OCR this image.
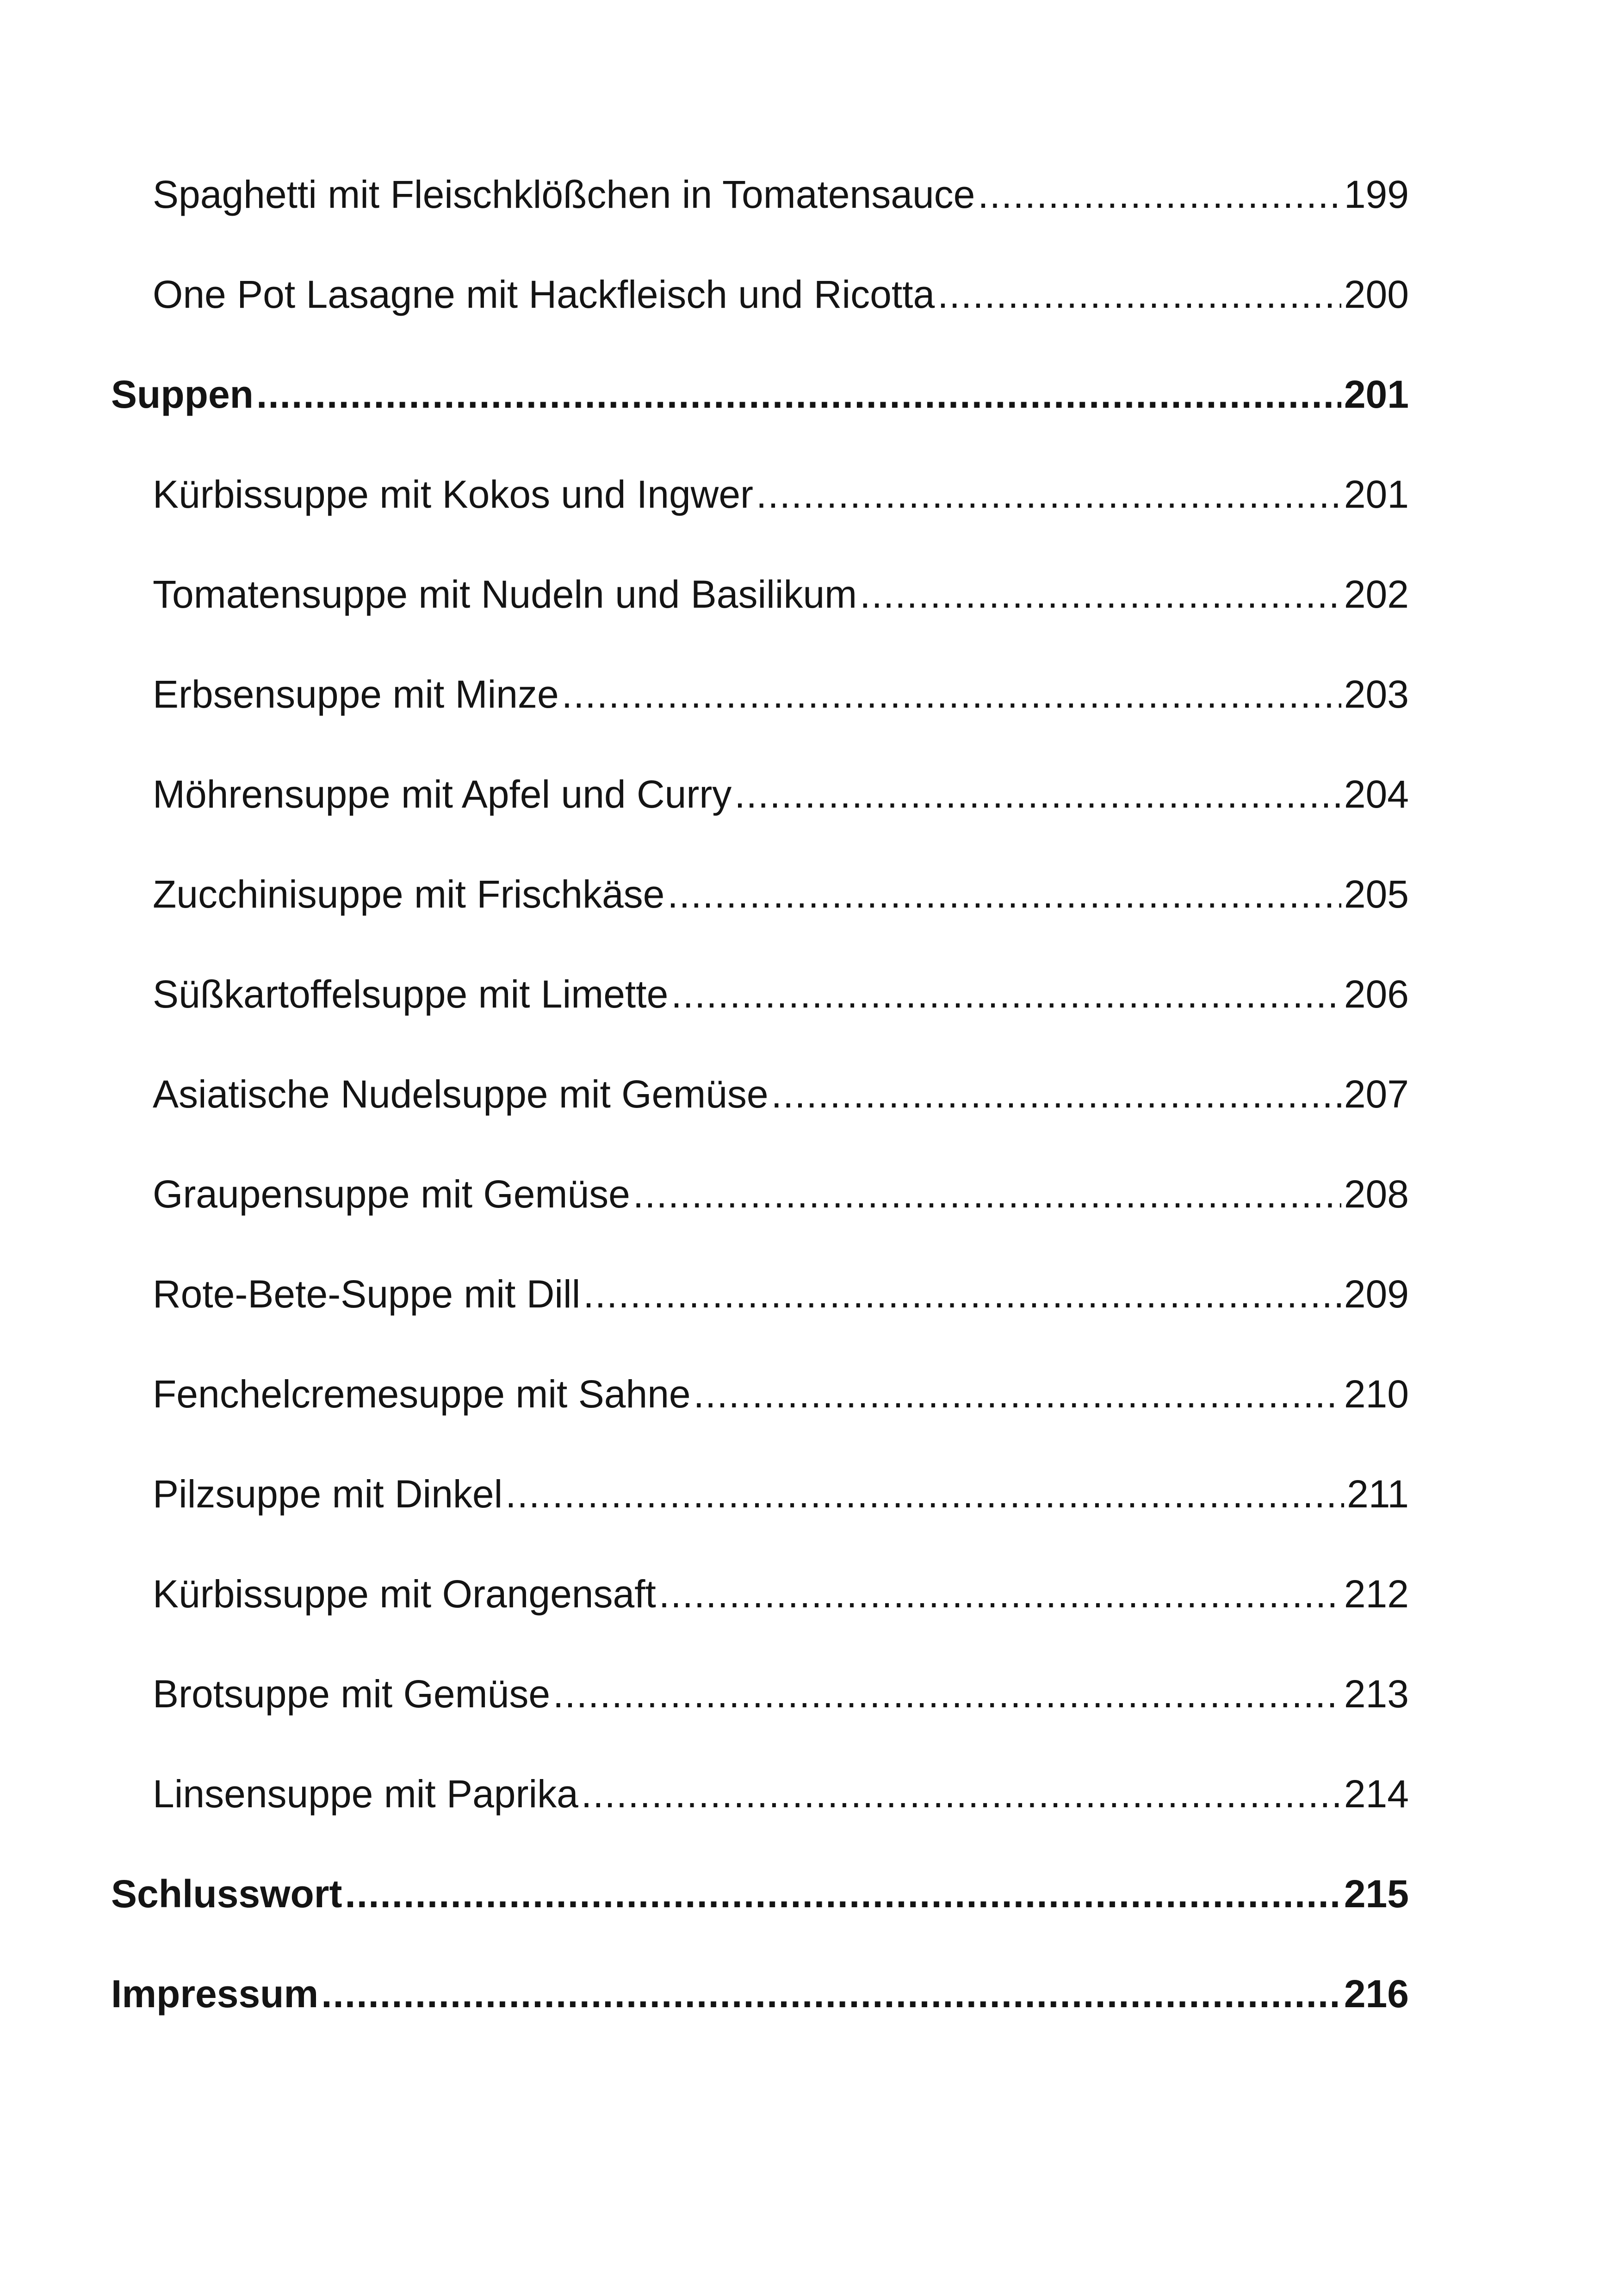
Spaghetti mit Fleischklößchen in Tomatensauce .....	199
One Pot Lasagne mit Hackfleisch und Ricotta .....	200
Suppen .....	201
Kürbissuppe mit Kokos und Ingwer .....	201
Tomatensuppe mit Nudeln und Basilikum .....	202
Erbsensuppe mit Minze .....	203
Möhrensuppe mit Apfel und Curry .....	204
Zucchinisuppe mit Frischkäse .....	205
Süßkartoffelsuppe mit Limette .....	206
Asiatische Nudelsuppe mit Gemüse .....	207
Graupensuppe mit Gemüse .....	208
Rote-Bete-Suppe mit Dill .....	209
Fenchelcremesuppe mit Sahne .....	210
Pilzsuppe mit Dinkel .....	211
Kürbissuppe mit Orangensaft .....	212
Brotsuppe mit Gemüse .....	213
Linsensuppe mit Paprika .....	214
Schlusswort .....	215
Impressum .....	216
